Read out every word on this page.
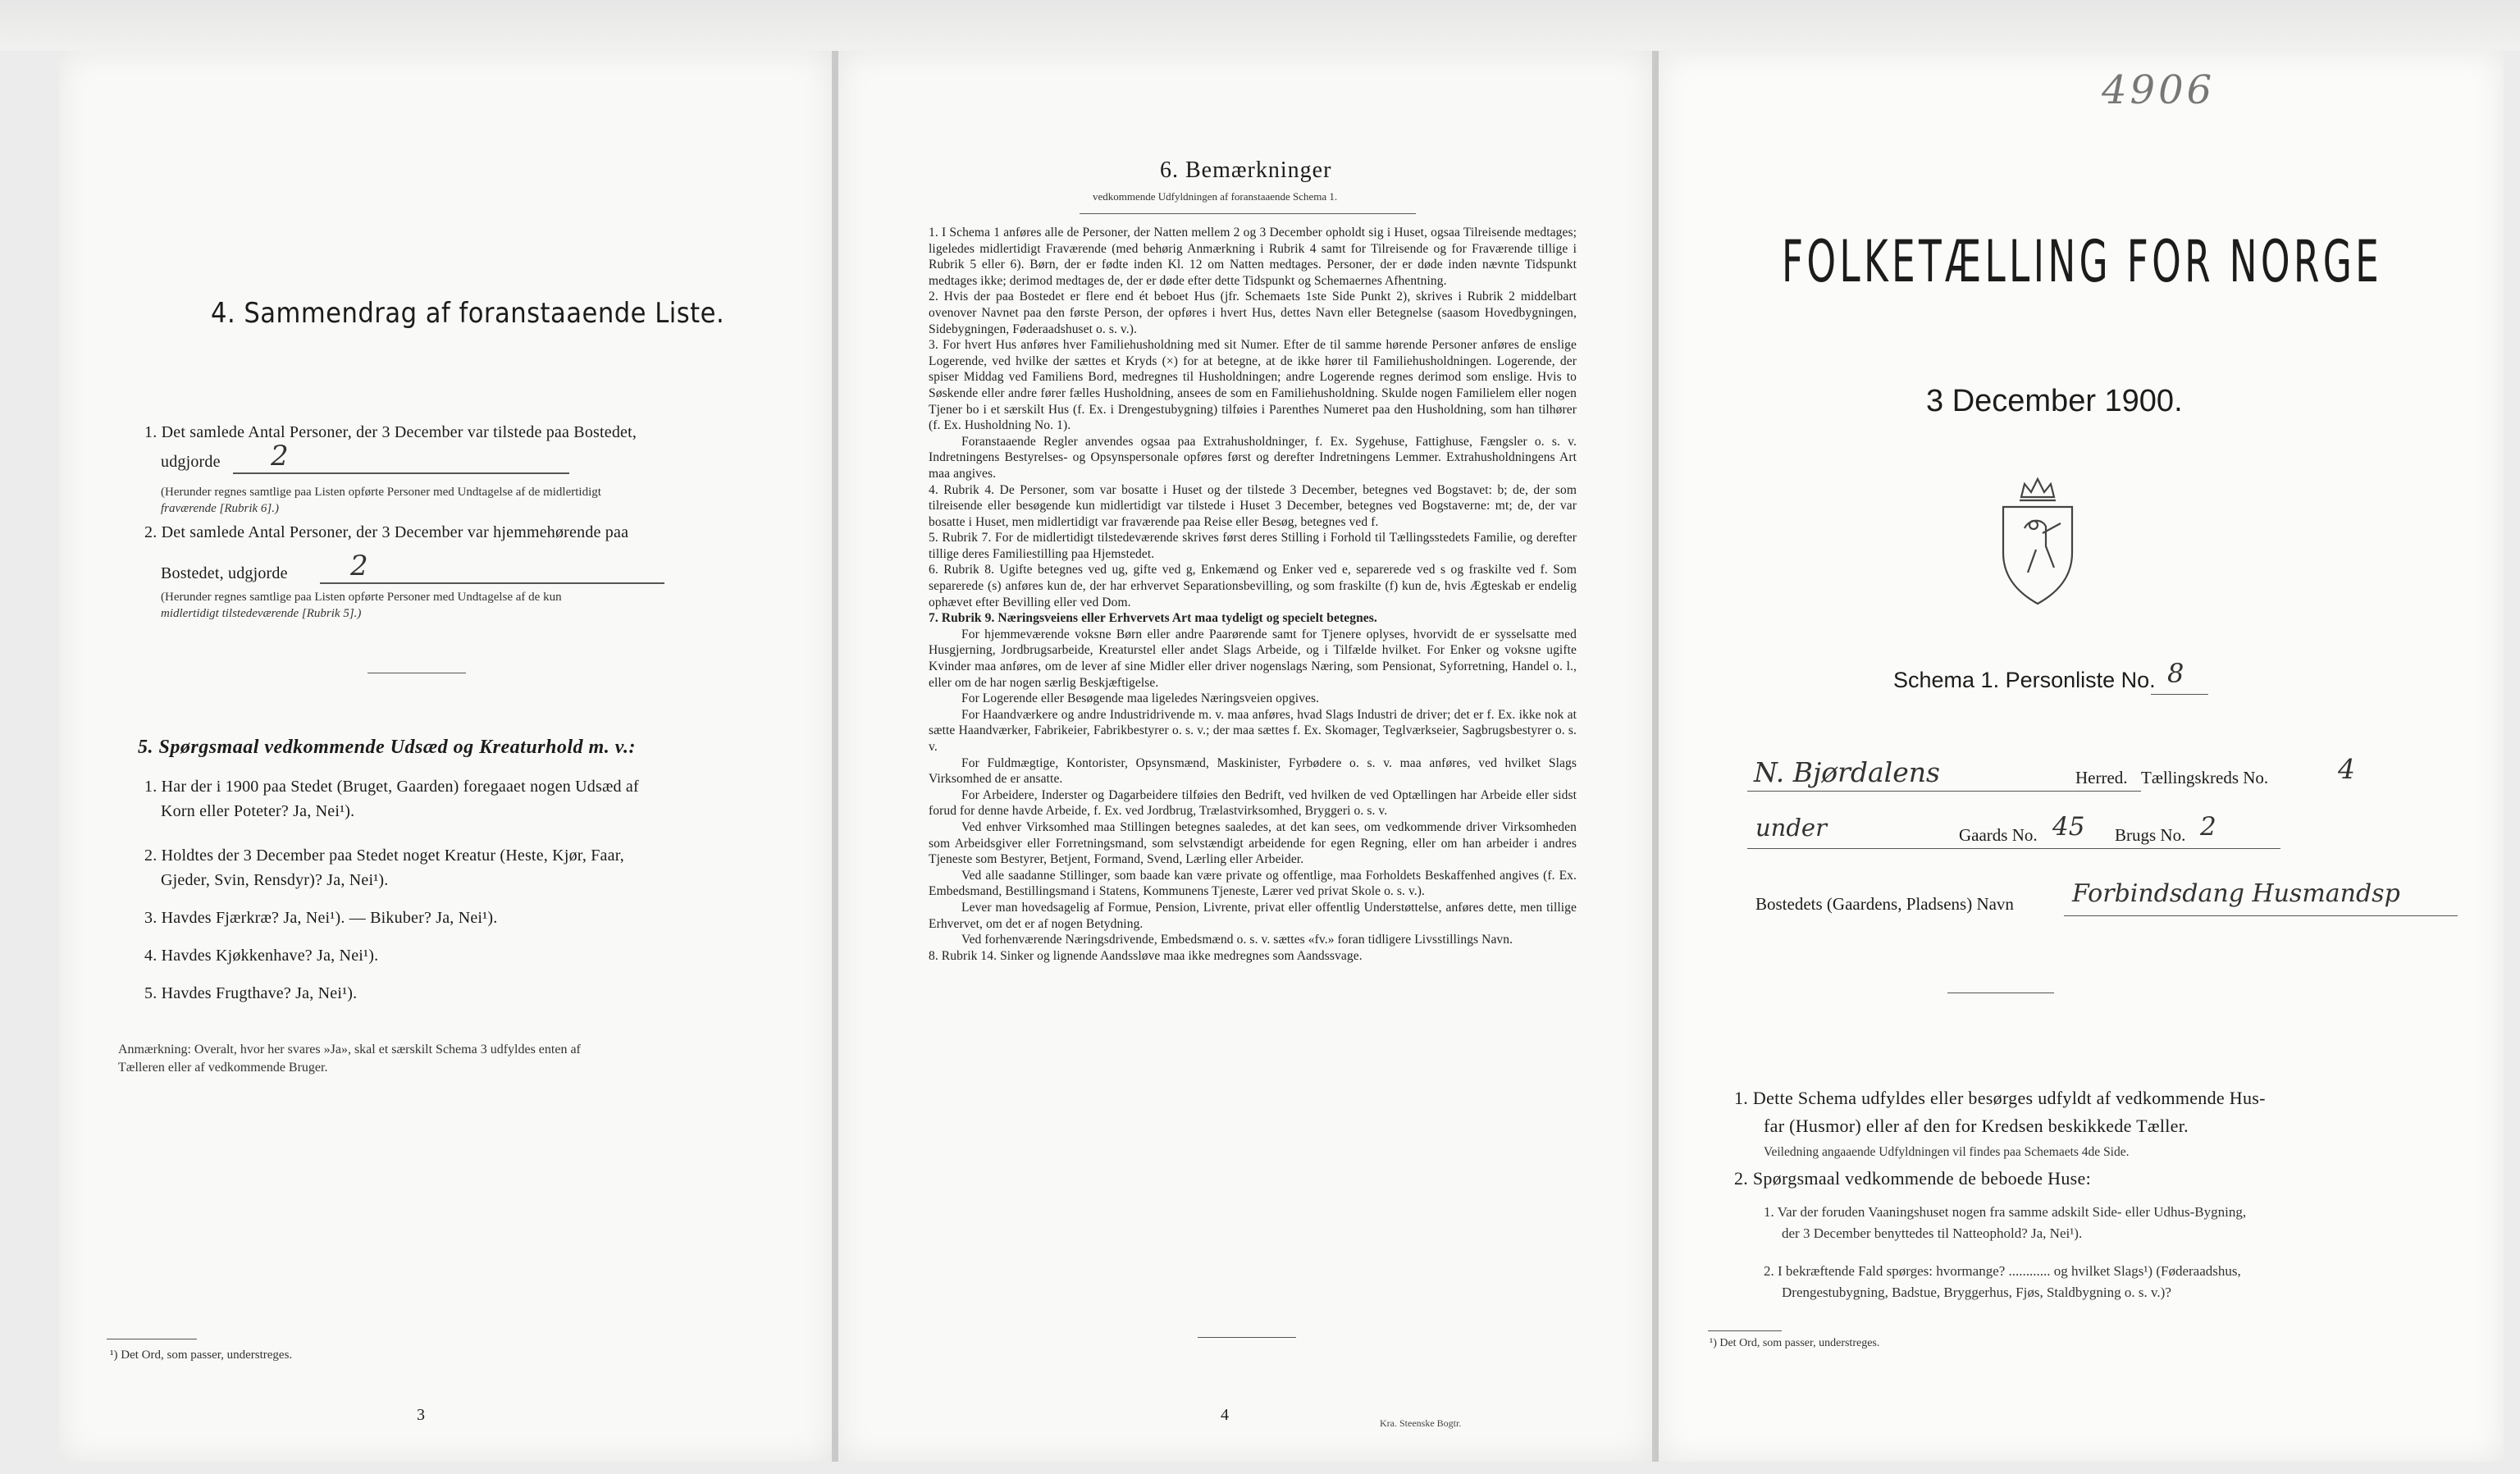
4. Sammendrag af foranstaaende Liste.
1. Det samlede Antal Personer, der 3 December var tilstede paa Bostedet,
udgjorde 2
(Herunder regnes samtlige paa Listen opførte Personer med Undtagelse af de midlertidigt
fraværende [Rubrik 6].)
2. Det samlede Antal Personer, der 3 December var hjemmehørende paa
Bostedet, udgjorde 2
(Herunder regnes samtlige paa Listen opførte Personer med Undtagelse af de kun
midlertidigt tilstedeværende [Rubrik 5].)
5. Spørgsmaal vedkommende Udsæd og Kreaturhold m. v.:
1. Har der i 1900 paa Stedet (Bruget, Gaarden) foregaaet nogen Udsæd af
Korn eller Poteter? Ja, Nei¹).
2. Holdtes der 3 December paa Stedet noget Kreatur (Heste, Kjør, Faar,
Gjeder, Svin, Rensdyr)? Ja, Nei¹).
3. Havdes Fjærkræ? Ja, Nei¹). — Bikuber? Ja, Nei¹).
4. Havdes Kjøkkenhave? Ja, Nei¹).
5. Havdes Frugthave? Ja, Nei¹).
Anmærkning: Overalt, hvor her svares »Ja», skal et særskilt Schema 3 udfyldes enten af
Tælleren eller af vedkommende Bruger.
¹) Det Ord, som passer, understreges.
3
6. Bemærkninger
vedkommende Udfyldningen af foranstaaende Schema 1.

1. I Schema 1 anføres alle de Personer, der Natten mellem 2 og 3 December opholdt sig i Huset, ogsaa Tilreisende medtages; ligeledes midlertidigt Fraværende (med behørig Anmærkning i Rubrik 4 samt for Tilreisende og for Fraværende tillige i Rubrik 5 eller 6). Børn, der er fødte inden Kl. 12 om Natten medtages. Personer, der er døde inden nævnte Tidspunkt medtages ikke; derimod medtages de, der er døde efter dette Tidspunkt og Schemaernes Afhentning.

2. Hvis der paa Bostedet er flere end ét beboet Hus (jfr. Schemaets 1ste Side Punkt 2), skrives i Rubrik 2 middelbart ovenover Navnet paa den første Person, der opføres i hvert Hus, dettes Navn eller Betegnelse (saasom Hovedbygningen, Sidebygningen, Føderaadshuset o. s. v.).

3. For hvert Hus anføres hver Familiehusholdning med sit Numer. Efter de til samme hørende Personer anføres de enslige Logerende, ved hvilke der sættes et Kryds (×) for at betegne, at de ikke hører til Familiehusholdningen. Logerende, der spiser Middag ved Familiens Bord, medregnes til Husholdningen; andre Logerende regnes derimod som enslige. Hvis to Søskende eller andre fører fælles Husholdning, ansees de som en Familiehusholdning. Skulde nogen Familielem eller nogen Tjener bo i et særskilt Hus (f. Ex. i Drengestubygning) tilføies i Parenthes Numeret paa den Husholdning, som han tilhører (f. Ex. Husholdning No. 1).

Foranstaaende Regler anvendes ogsaa paa Extrahusholdninger, f. Ex. Sygehuse, Fattighuse, Fængsler o. s. v. Indretningens Bestyrelses- og Opsynspersonale opføres først og derefter Indretningens Lemmer. Extrahusholdningens Art maa angives.

4. Rubrik 4. De Personer, som var bosatte i Huset og der tilstede 3 December, betegnes ved Bogstavet: b; de, der som tilreisende eller besøgende kun midlertidigt var tilstede i Huset 3 December, betegnes ved Bogstaverne: mt; de, der var bosatte i Huset, men midlertidigt var fraværende paa Reise eller Besøg, betegnes ved f.

5. Rubrik 7. For de midlertidigt tilstedeværende skrives først deres Stilling i Forhold til Tællingsstedets Familie, og derefter tillige deres Familiestilling paa Hjemstedet.

6. Rubrik 8. Ugifte betegnes ved ug, gifte ved g, Enkemænd og Enker ved e, separerede ved s og fraskilte ved f. Som separerede (s) anføres kun de, der har erhvervet Separationsbevilling, og som fraskilte (f) kun de, hvis Ægteskab er endelig ophævet efter Bevilling eller ved Dom.

7. Rubrik 9. Næringsveiens eller Erhvervets Art maa tydeligt og specielt betegnes.

For hjemmeværende voksne Børn eller andre Paarørende samt for Tjenere oplyses, hvorvidt de er sysselsatte med Husgjerning, Jordbrugsarbeide, Kreaturstel eller andet Slags Arbeide, og i Tilfælde hvilket. For Enker og voksne ugifte Kvinder maa anføres, om de lever af sine Midler eller driver nogenslags Næring, som Pensionat, Syforretning, Handel o. l., eller om de har nogen særlig Beskjæftigelse.

For Logerende eller Besøgende maa ligeledes Næringsveien opgives.

For Haandværkere og andre Industridrivende m. v. maa anføres, hvad Slags Industri de driver; det er f. Ex. ikke nok at sætte Haandværker, Fabrikeier, Fabrikbestyrer o. s. v.; der maa sættes f. Ex. Skomager, Teglværkseier, Sagbrugsbestyrer o. s. v.

For Fuldmægtige, Kontorister, Opsynsmænd, Maskinister, Fyrbødere o. s. v. maa anføres, ved hvilket Slags Virksomhed de er ansatte.

For Arbeidere, Inderster og Dagarbeidere tilføies den Bedrift, ved hvilken de ved Optællingen har Arbeide eller sidst forud for denne havde Arbeide, f. Ex. ved Jordbrug, Trælastvirksomhed, Bryggeri o. s. v.

Ved enhver Virksomhed maa Stillingen betegnes saaledes, at det kan sees, om vedkommende driver Virksomheden som Arbeidsgiver eller Forretningsmand, som selvstændigt arbeidende for egen Regning, eller om han arbeider i andres Tjeneste som Bestyrer, Betjent, Formand, Svend, Lærling eller Arbeider.

Ved alle saadanne Stillinger, som baade kan være private og offentlige, maa Forholdets Beskaffenhed angives (f. Ex. Embedsmand, Bestillingsmand i Statens, Kommunens Tjeneste, Lærer ved privat Skole o. s. v.).

Lever man hovedsagelig af Formue, Pension, Livrente, privat eller offentlig Understøttelse, anføres dette, men tillige Erhvervet, om det er af nogen Betydning.

Ved forhenværende Næringsdrivende, Embedsmænd o. s. v. sættes «fv.» foran tidligere Livsstillings Navn.

8. Rubrik 14. Sinker og lignende Aandssløve maa ikke medregnes som Aandssvage.

4	Kra. Steenske Bogtr.
4906
FOLKETÆLLING FOR NORGE
3 December 1900.
Schema 1. Personliste No. 8
N. Bjørdalens	Herred. Tællingskreds No.	4
under	Gaards No. 45 Brugs No. 2
Bostedets (Gaardens, Pladsens) Navn Forbindsdang Husmandsp
1. Dette Schema udfyldes eller besørges udfyldt af vedkommende Hus-
far (Husmor) eller af den for Kredsen beskikkede Tæller.
Veiledning angaaende Udfyldningen vil findes paa Schemaets 4de Side.
2. Spørgsmaal vedkommende de beboede Huse:
1. Var der foruden Vaaningshuset nogen fra samme adskilt Side- eller Udhus-Bygning,
der 3 December benyttedes til Natteophold? Ja, Nei¹).
2. I bekræftende Fald spørges: hvormange? ............ og hvilket Slags¹) (Føderaadshus,
Drengestubygning, Badstue, Bryggerhus, Fjøs, Staldbygning o. s. v.)?
¹) Det Ord, som passer, understreges.
